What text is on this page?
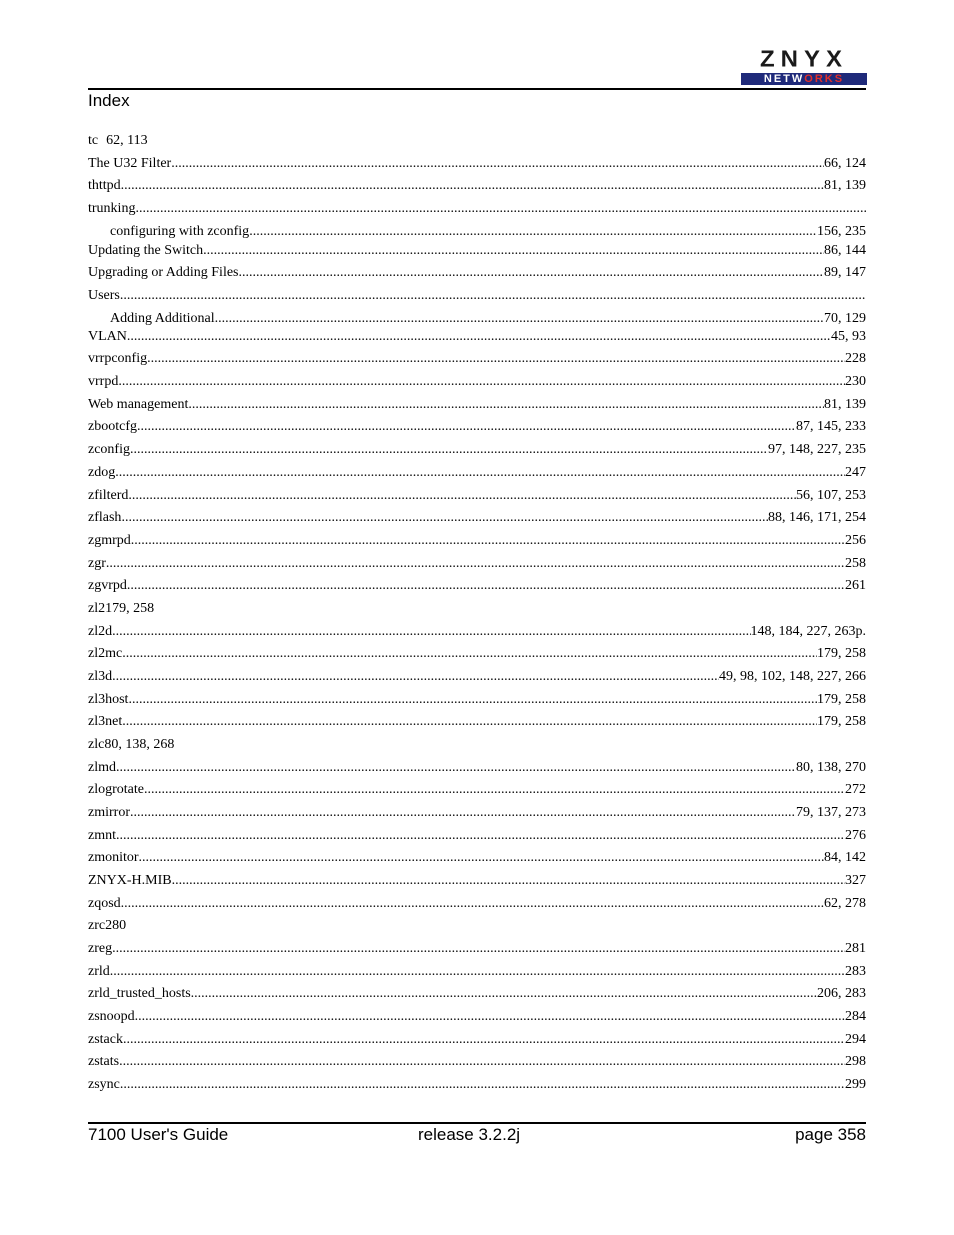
ZNYX
NETWORKS
Index
tc 62, 113
The U32 Filter .....	66, 124
thttpd .....	81, 139
trunking
.....
configuring with zconfig .....	156, 235
Updating the Switch .....	86, 144
Upgrading or Adding Files .....	89, 147
Users
.....
Adding Additional .....	70, 129
VLAN .....	45, 93
vrrpconfig .....	228
vrrpd .....	230
Web management .....	81, 139
zbootcfg .....	87, 145, 233
zconfig .....	97, 148, 227, 235
zdog .....	247
zfilterd .....	56, 107, 253
zflash .....	88, 146, 171, 254
zgmrpd .....	256
zgr .....	258
zgvrpd .....	261
zl2179, 258
zl2d .....	148, 184, 227, 263p.
zl2mc .....	179, 258
zl3d .....	49, 98, 102, 148, 227, 266
zl3host .....	179, 258
zl3net .....	179, 258
zlc80, 138, 268
zlmd .....	80, 138, 270
zlogrotate .....	272
zmirror .....	79, 137, 273
zmnt .....	276
zmonitor .....	84, 142
ZNYX-H.MIB .....	327
zqosd .....	62, 278
zrc280
zreg .....	281
zrld .....	283
zrld_trusted_hosts .....	206, 283
zsnoopd .....	284
zstack .....	294
zstats .....	298
zsync .....	299
7100 User's Guide	release 3.2.2j	page 358
